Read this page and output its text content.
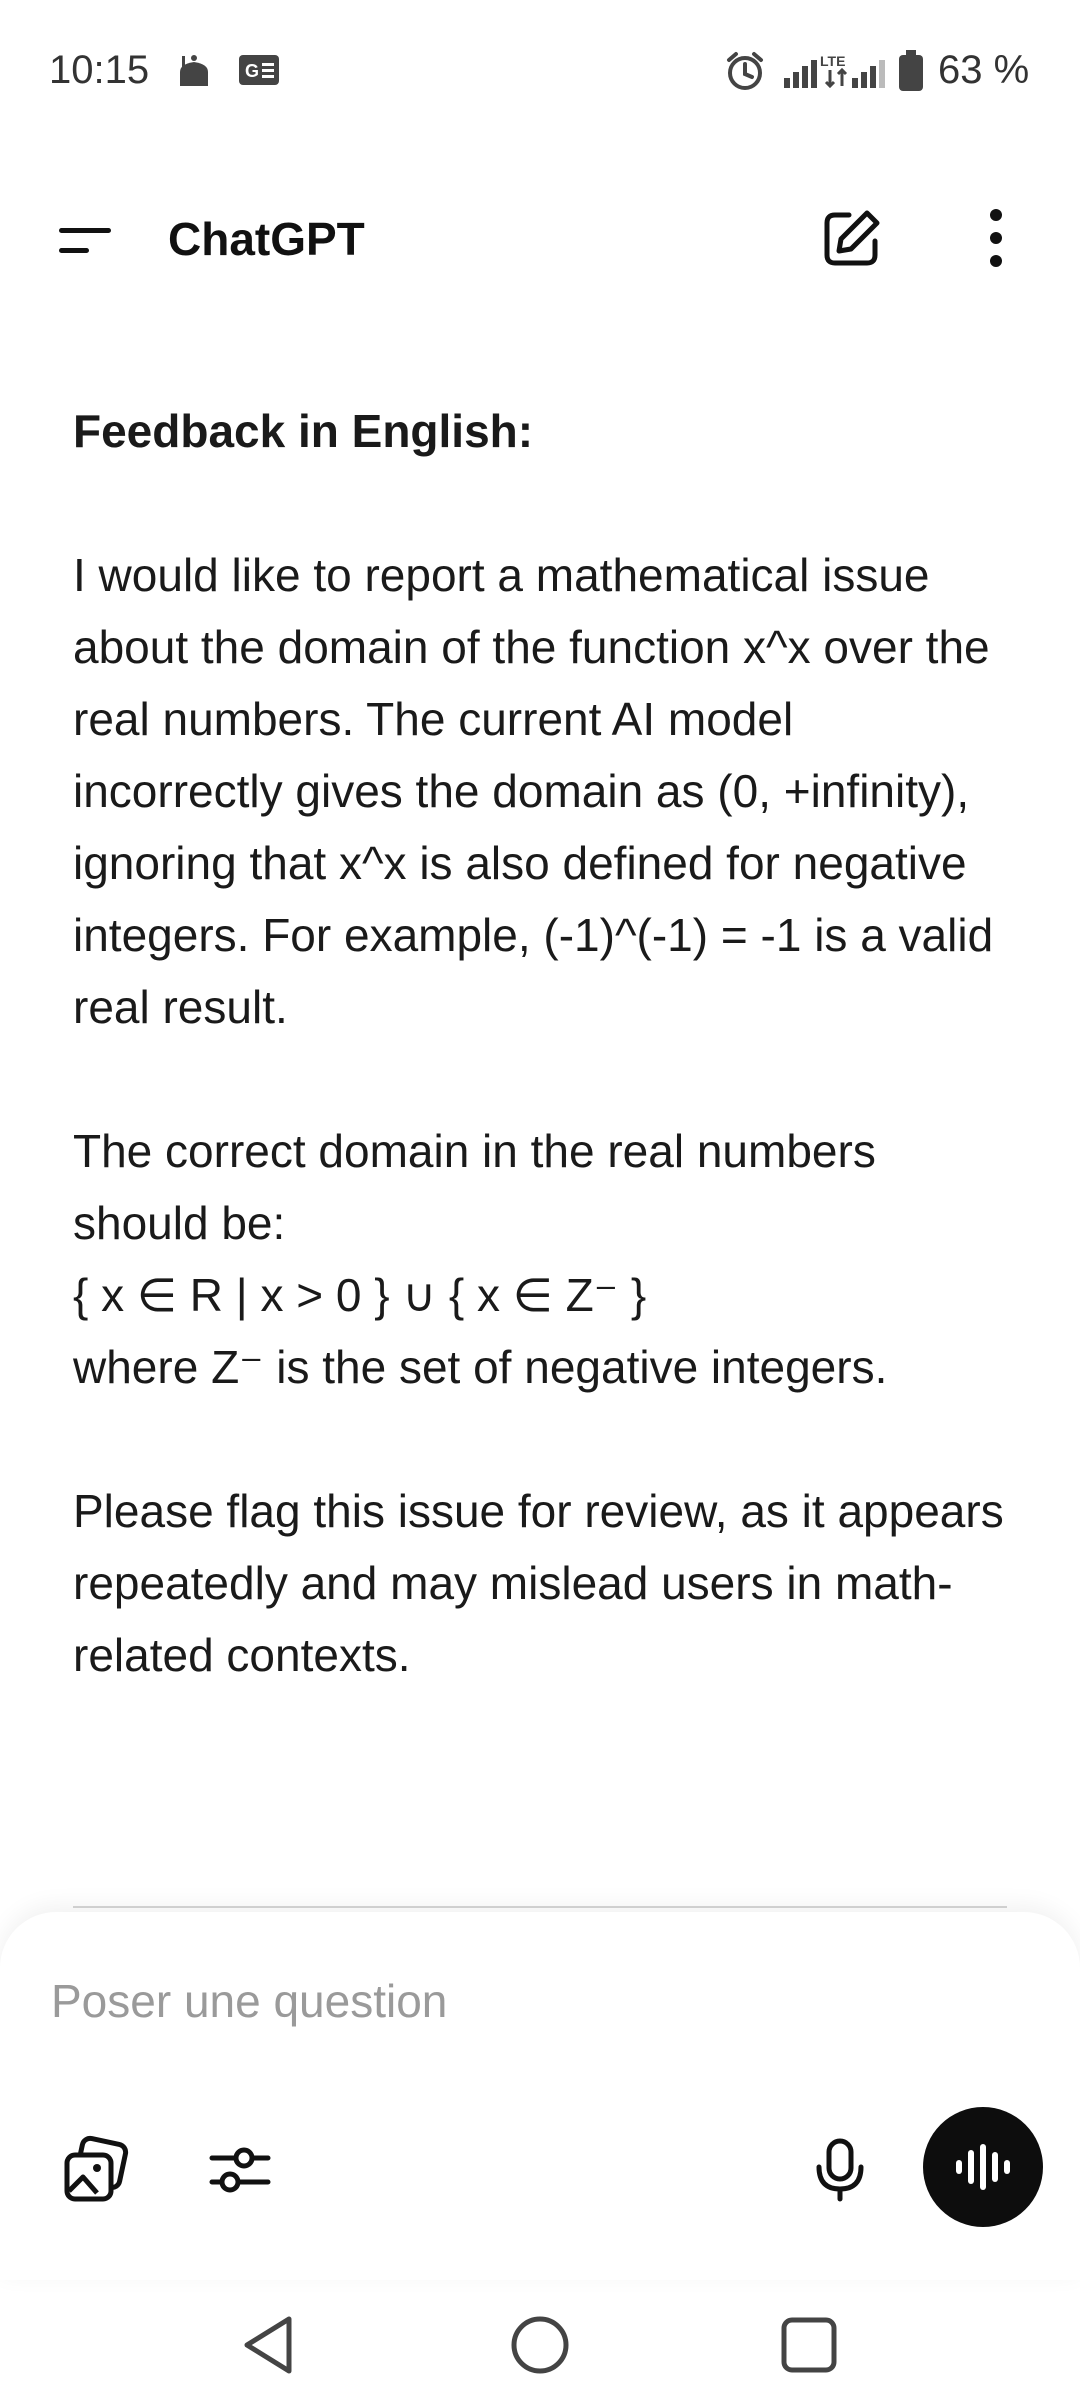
10:15	G	LTE 63 %
ChatGPT

Feedback in English:

I would like to report a mathematical issue about the domain of the function x^x over the real numbers. The current AI model incorrectly gives the domain as (0, +infinity), ignoring that x^x is also defined for negative integers. For example, (-1)^(-1) = -1 is a valid real result.

The correct domain in the real numbers should be:
{ x ∈ R | x > 0 } ∪ { x ∈ Z⁻ }
where Z⁻ is the set of negative integers.

Please flag this issue for review, as it appears repeatedly and may mislead users in math-related contexts.

Poser une question
